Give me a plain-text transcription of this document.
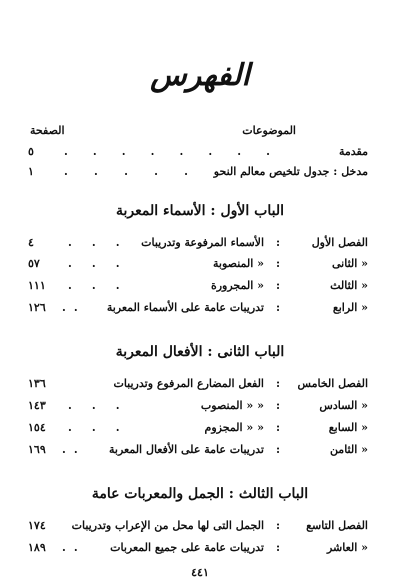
الفهرس
الموضوعات
الصفحة
مقدمة
. . . . . . . .
٥
مدخل : جدول تلخيص معالم النحو
. . . . .
١
الباب الأول : الأسماء المعربة
الفصل الأول
:
الأسماء المرفوعة وتدريبات
. . .
٤
« الثانى
:
« المنصوبة
. . .
٥٧
« الثالث
:
« المجرورة
. . .
١١١
« الرابع
:
تدريبات عامة على الأسماء المعربة
. .
١٢٦
الباب الثانى : الأفعال المعربة
الفصل الخامس
:
الفعل المضارع المرفوع وتدريبات
١٣٦
« السادس
:
« « المنصوب
. . .
١٤٣
« السابع
:
« « المجزوم
. . .
١٥٤
« الثامن
:
تدريبات عامة على الأفعال المعربة
. .
١٦٩
الباب الثالث : الجمل والمعربات عامة
الفصل التاسع
:
الجمل التى لها محل من الإعراب وتدريبات
١٧٤
« العاشر
:
تدريبات عامة على جميع المعربات
. .
١٨٩
٤٤١
